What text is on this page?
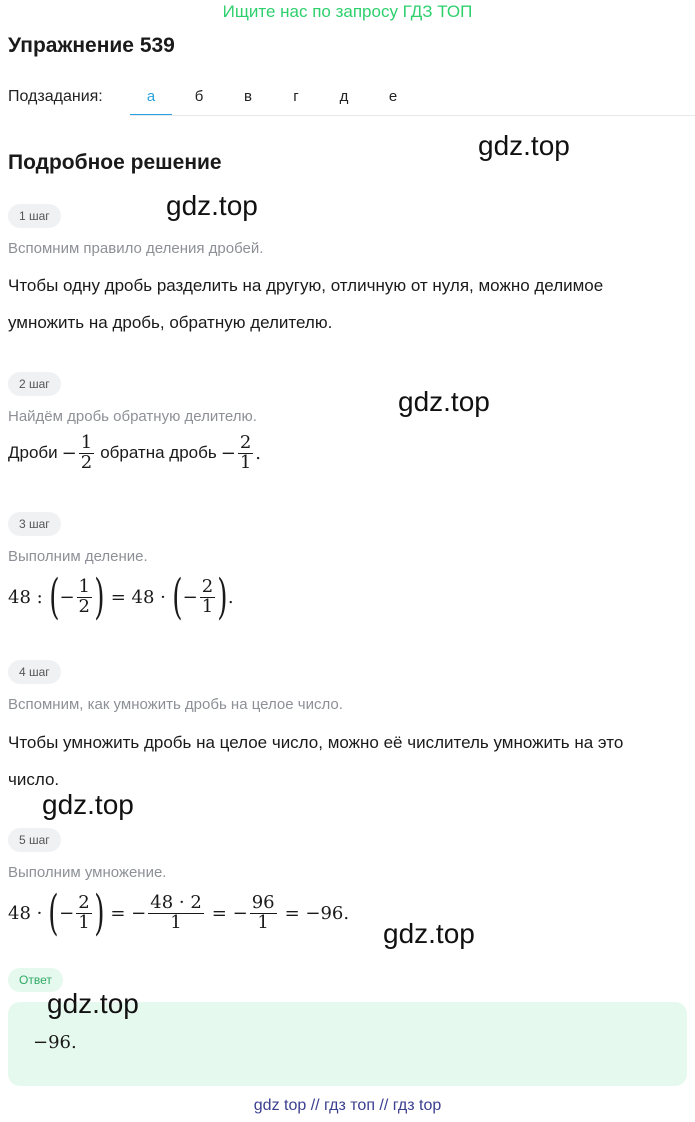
Ищите нас по запросу ГДЗ ТОП
Упражнение 539
Подзадания:	а	б	в	г	д	е
Подробное решение
gdz.top
gdz.top
gdz.top
gdz.top
gdz.top
gdz.top
1 шаг
Вспомним правило деления дробей.
Чтобы одну дробь разделить на другую, отличную от нуля, можно делимое умножить на дробь, обратную делителю.
2 шаг
Найдём дробь обратную делителю.
Дроби − $\frac{1}{2}$ обратна дробь − $\frac{2}{1}$ .
3 шаг
Выполним деление.
48 : ( − $\frac{1}{2}$ ) = 48 · ( − $\frac{2}{1}$ ) .
4 шаг
Вспомним, как умножить дробь на целое число.
Чтобы умножить дробь на целое число, можно её числитель умножить на это число.
5 шаг
Выполним умножение.
48 · ( − $\frac{2}{1}$ ) = − $\frac{48 \cdot 2}{1}$ = − $\frac{96}{1} = -96$.
Ответ
−96.
gdz top // гдз топ // гдз top
